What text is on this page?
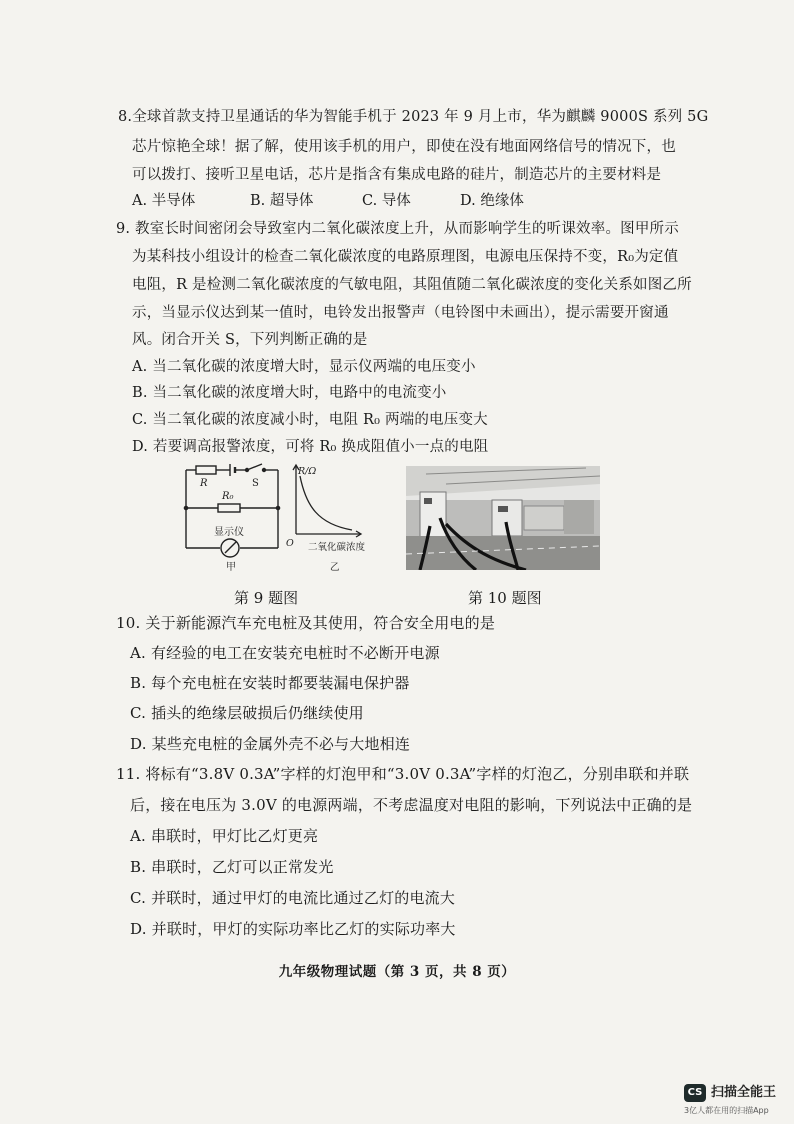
8.全球首款支持卫星通话的华为智能手机于 2023 年 9 月上市，华为麒麟 9000S 系列 5G
芯片惊艳全球！据了解，使用该手机的用户，即使在没有地面网络信号的情况下，也
可以拨打、接听卫星电话，芯片是指含有集成电路的硅片，制造芯片的主要材料是
A. 半导体	B. 超导体	C. 导体	D. 绝缘体
9. 教室长时间密闭会导致室内二氧化碳浓度上升，从而影响学生的听课效率。图甲所示
为某科技小组设计的检查二氧化碳浓度的电路原理图，电源电压保持不变，R₀为定值
电阻，R 是检测二氧化碳浓度的气敏电阻，其阻值随二氧化碳浓度的变化关系如图乙所
示，当显示仪达到某一值时，电铃发出报警声（电铃图中未画出），提示需要开窗通
风。闭合开关 S，下列判断正确的是
A. 当二氧化碳的浓度增大时，显示仪两端的电压变小
B. 当二氧化碳的浓度增大时，电路中的电流变小
C. 当二氧化碳的浓度减小时，电阻 R₀ 两端的电压变大
D. 若要调高报警浓度，可将 R₀ 换成阻值小一点的电阻
R	S
R₀
显示仪
甲
R/Ω
O 二氧化碳浓度
乙
第 9 题图	第 10 题图
10. 关于新能源汽车充电桩及其使用，符合安全用电的是
A. 有经验的电工在安装充电桩时不必断开电源
B. 每个充电桩在安装时都要装漏电保护器
C. 插头的绝缘层破损后仍继续使用
D. 某些充电桩的金属外壳不必与大地相连
11. 将标有“3.8V 0.3A”字样的灯泡甲和“3.0V 0.3A”字样的灯泡乙，分别串联和并联
后，接在电压为 3.0V 的电源两端，不考虑温度对电阻的影响，下列说法中正确的是
A. 串联时，甲灯比乙灯更亮
B. 串联时，乙灯可以正常发光
C. 并联时，通过甲灯的电流比通过乙灯的电流大
D. 并联时，甲灯的实际功率比乙灯的实际功率大
九年级物理试题（第 3 页，共 8 页）
CS 扫描全能王
3亿人都在用的扫描App
